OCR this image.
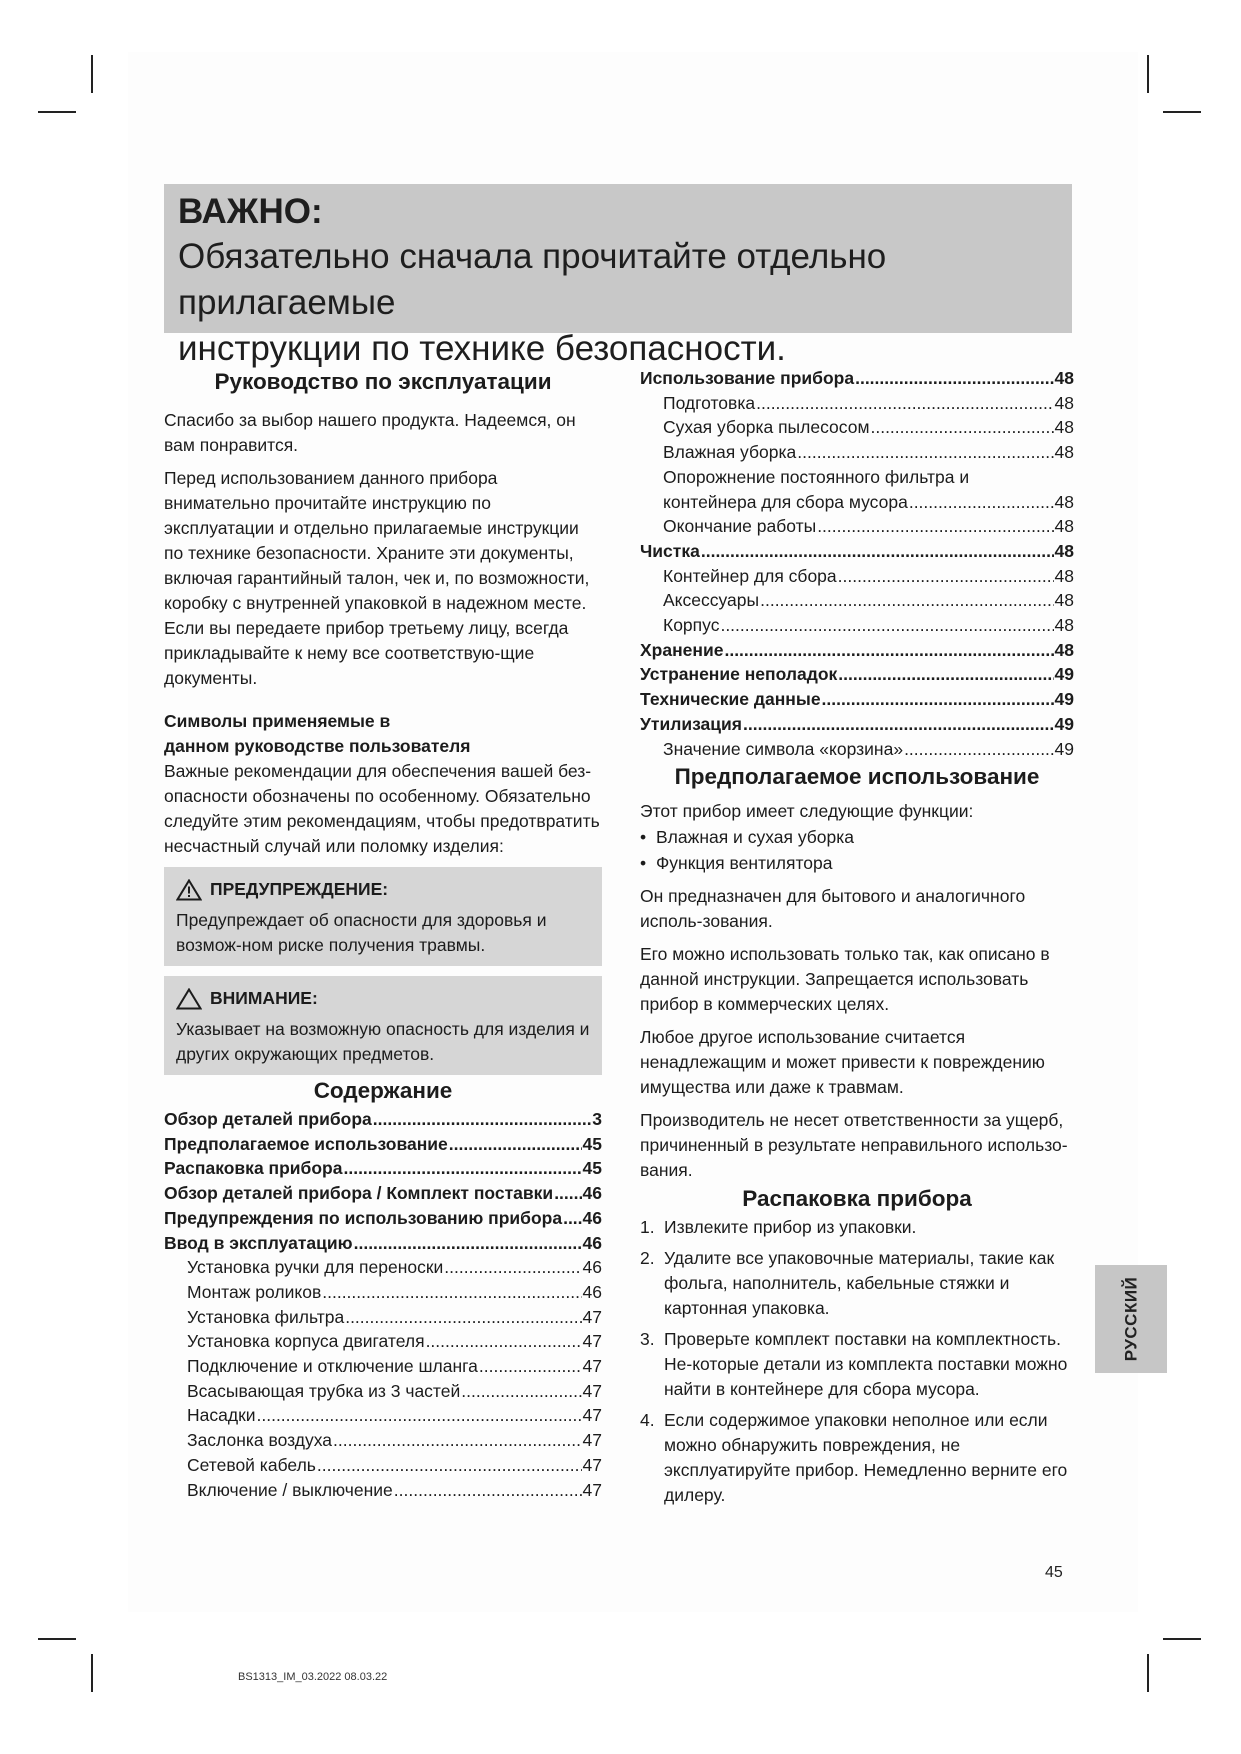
ВАЖНО:
Обязательно сначала прочитайте отдельно прилагаемые
инструкции по технике безопасности.
Руководство по эксплуатации

Спасибо за выбор нашего продукта. Надеемся, он вам понравится.

Перед использованием данного прибора внимательно прочитайте инструкцию по эксплуатации и отдельно прилагаемые инструкции по технике безопасности. Храните эти документы, включая гарантийный талон, чек и, по возможности, коробку с внутренней упаковкой в надежном месте. Если вы передаете прибор третьему лицу, всегда прикладывайте к нему все соответствую-щие документы.

Символы применяемые в
данном руководстве пользователя

Важные рекомендации для обеспечения вашей без-опасности обозначены по особенному. Обязательно следуйте этим рекомендациям, чтобы предотвратить несчастный случай или поломку изделия:

ПРЕДУПРЕЖДЕНИЕ:

Предупреждает об опасности для здоровья и возмож-ном риске получения травмы.

ВНИМАНИЕ:

Указывает на возможную опасность для изделия и других окружающих предметов.

Содержание
Обзор деталей прибора .....	3
Предполагаемое использование .....	45
Распаковка прибора .....	45
Обзор деталей прибора / Комплект поставки ..... 46
Предупреждения по использованию прибора ..... 46
Ввод в эксплуатацию .....	46
Установка ручки для переноски .....	46
Монтаж роликов .....	46
Установка фильтра .....	47
Установка корпуса двигателя .....	47
Подключение и отключение шланга .....	47
Всасывающая трубка из 3 частей .....	47
Насадки .....	47
Заслонка воздуха .....	47
Сетевой кабель .....	47
Включение / выключение .....	47
Использование прибора .....	48
Подготовка .....	48
Сухая уборка пылесосом .....	48
Влажная уборка .....	48
Опорожнение постоянного фильтра и
контейнера для сбора мусора .....	48
Окончание работы .....	48
Чистка .....	48
Контейнер для сбора .....	48
Аксессуары .....	48
Корпус .....	48
Хранение .....	48
Устранение неполадок .....	49
Технические данные .....	49
Утилизация .....	49
Значение символа «корзина» .....	49
Предполагаемое использование

Этот прибор имеет следующие функции:

• Влажная и сухая уборка
• Функция вентилятора

Он предназначен для бытового и аналогичного исполь-зования.

Его можно использовать только так, как описано в данной инструкции. Запрещается использовать прибор в коммерческих целях.

Любое другое использование считается ненадлежащим и может привести к повреждению имущества или даже к травмам.

Производитель не несет ответственности за ущерб, причиненный в результате неправильного использо-вания.

Распаковка прибора
1. Извлеките прибор из упаковки.
2. Удалите все упаковочные материалы, такие как фольга, наполнитель, кабельные стяжки и картонная упаковка.
3. Проверьте комплект поставки на комплектность. Не-которые детали из комплекта поставки можно найти в контейнере для сбора мусора.
4. Если содержимое упаковки неполное или если можно обнаружить повреждения, не эксплуатируйте прибор. Немедленно верните его дилеру.
РУССКИЙ
45
BS1313_IM_03.2022 08.03.22
